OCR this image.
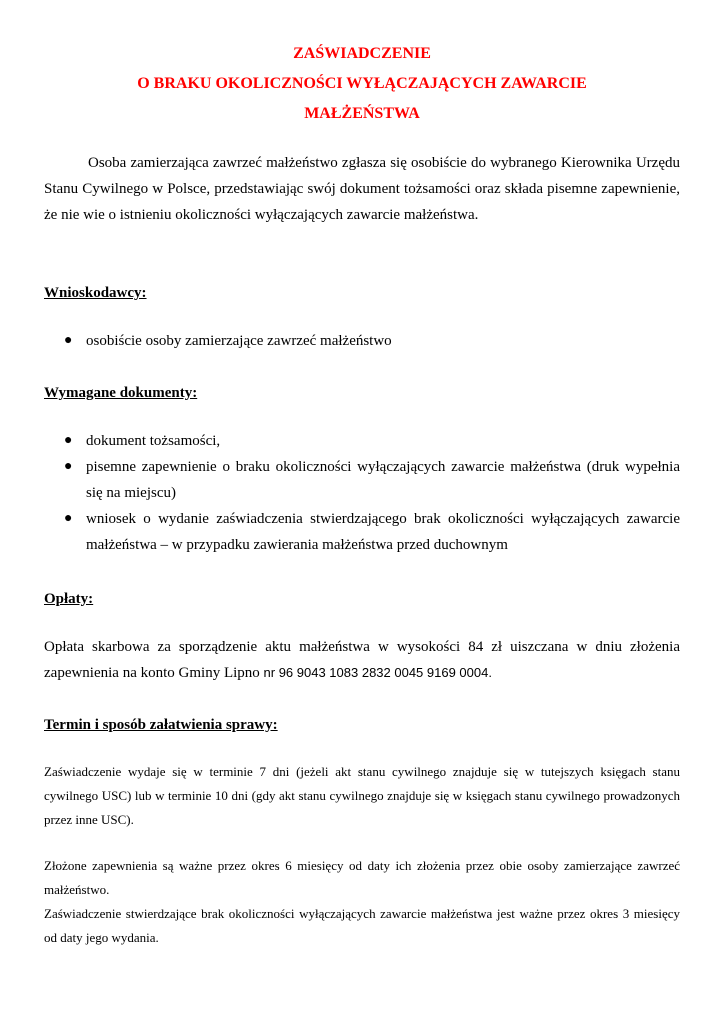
ZAŚWIADCZENIE
O BRAKU OKOLICZNOŚCI WYŁĄCZAJĄCYCH ZAWARCIE
MAŁŻEŃSTWA
Osoba zamierzająca zawrzeć małżeństwo zgłasza się osobiście do wybranego Kierownika Urzędu Stanu Cywilnego w Polsce, przedstawiając swój dokument tożsamości oraz składa pisemne zapewnienie, że nie wie o istnieniu okoliczności wyłączających zawarcie małżeństwa.
Wnioskodawcy:
● osobiście osoby zamierzające zawrzeć małżeństwo
Wymagane dokumenty:
● dokument tożsamości,
● pisemne zapewnienie o braku okoliczności wyłączających zawarcie małżeństwa (druk wypełnia się na miejscu)
● wniosek o wydanie zaświadczenia stwierdzającego brak okoliczności wyłączających zawarcie małżeństwa – w przypadku zawierania małżeństwa przed duchownym
Opłaty:
Opłata skarbowa za sporządzenie aktu małżeństwa w wysokości 84 zł uiszczana w dniu złożenia zapewnienia na konto Gminy Lipno nr 96 9043 1083 2832 0045 9169 0004.
Termin i sposób załatwienia sprawy:
Zaświadczenie wydaje się w terminie 7 dni (jeżeli akt stanu cywilnego znajduje się w tutejszych księgach stanu cywilnego USC) lub w terminie 10 dni (gdy akt stanu cywilnego znajduje się w księgach stanu cywilnego prowadzonych przez inne USC).
Złożone zapewnienia są ważne przez okres 6 miesięcy od daty ich złożenia przez obie osoby zamierzające zawrzeć małżeństwo.
Zaświadczenie stwierdzające brak okoliczności wyłączających zawarcie małżeństwa jest ważne przez okres 3 miesięcy od daty jego wydania.
